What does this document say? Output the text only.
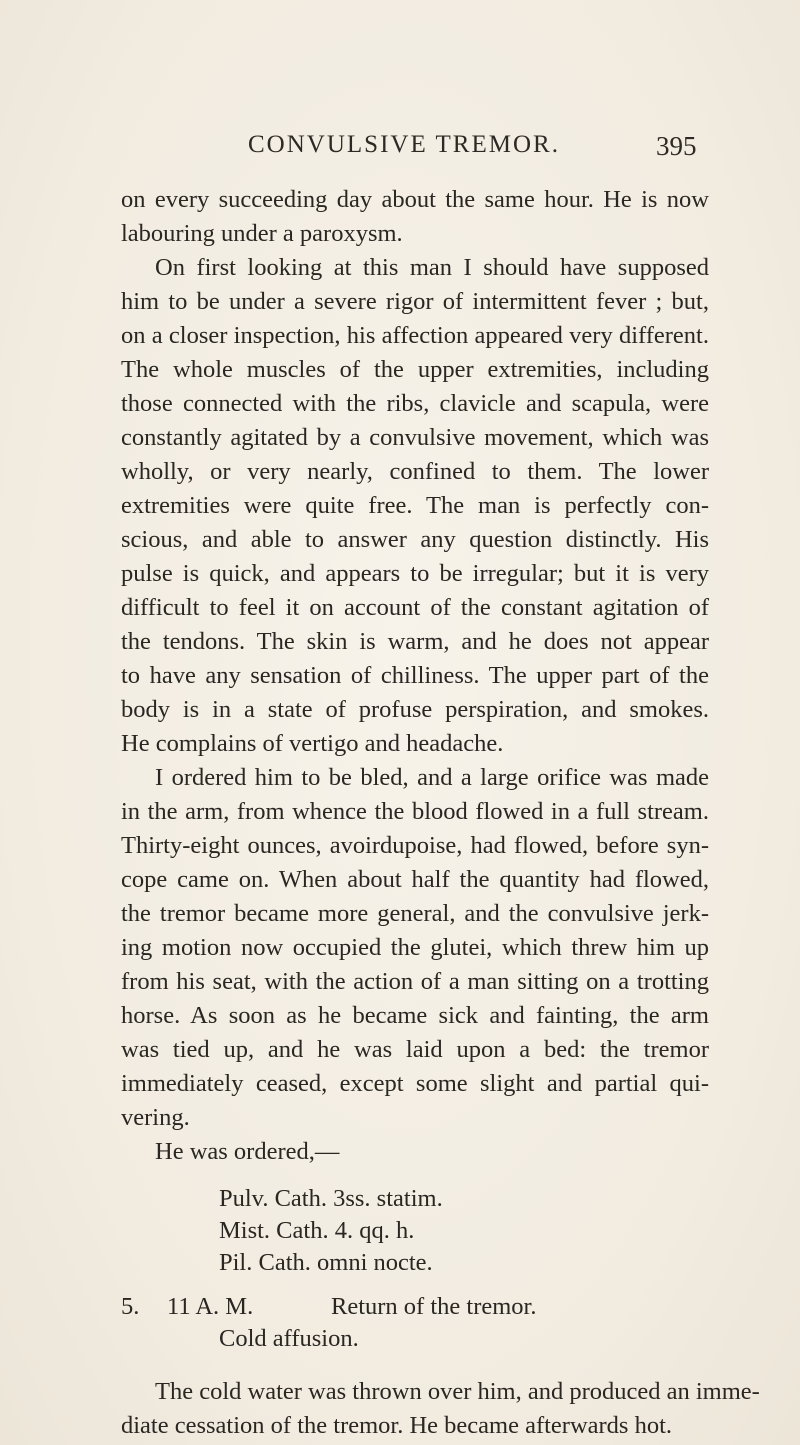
CONVULSIVE TREMOR.	395
on every succeeding day about the same hour. He is now
labouring under a paroxysm.
On first looking at this man I should have supposed
him to be under a severe rigor of intermittent fever ; but,
on a closer inspection, his affection appeared very different.
The whole muscles of the upper extremities, including
those connected with the ribs, clavicle and scapula, were
constantly agitated by a convulsive movement, which was
wholly, or very nearly, confined to them. The lower
extremities were quite free. The man is perfectly con-
scious, and able to answer any question distinctly. His
pulse is quick, and appears to be irregular; but it is very
difficult to feel it on account of the constant agitation of
the tendons. The skin is warm, and he does not appear
to have any sensation of chilliness. The upper part of the
body is in a state of profuse perspiration, and smokes.
He complains of vertigo and headache.
I ordered him to be bled, and a large orifice was made
in the arm, from whence the blood flowed in a full stream.
Thirty-eight ounces, avoirdupoise, had flowed, before syn-
cope came on. When about half the quantity had flowed,
the tremor became more general, and the convulsive jerk-
ing motion now occupied the glutei, which threw him up
from his seat, with the action of a man sitting on a trotting
horse. As soon as he became sick and fainting, the arm
was tied up, and he was laid upon a bed: the tremor
immediately ceased, except some slight and partial qui-
vering.
He was ordered,—
Pulv. Cath. 3ss. statim.
Mist. Cath. 4. qq. h.
Pil. Cath. omni nocte.
5. 11 A. M.	Return of the tremor.
Cold affusion.
The cold water was thrown over him, and produced an imme-
diate cessation of the tremor. He became afterwards hot.
